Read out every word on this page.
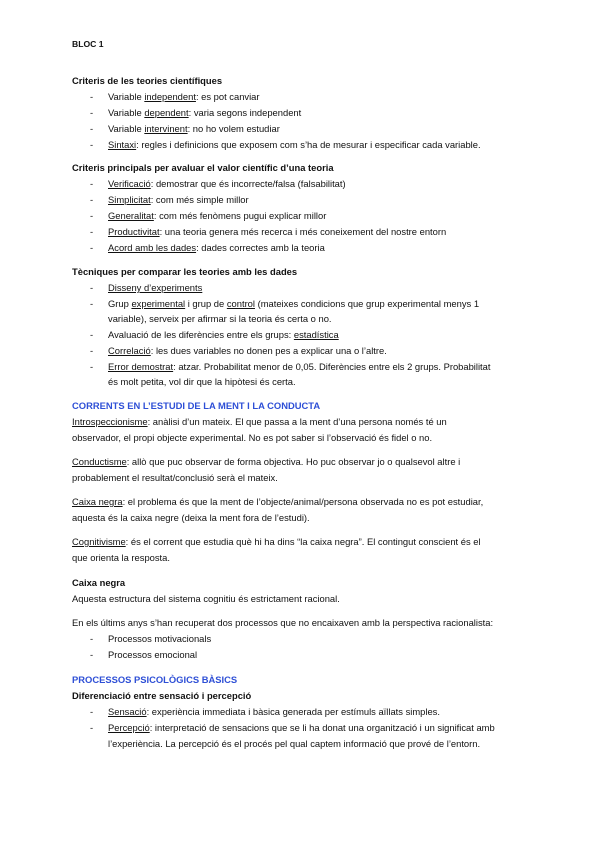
BLOC 1
Criteris de les teories científiques
- Variable independent: es pot canviar
- Variable dependent: varia segons independent
- Variable intervinent: no ho volem estudiar
- Sintaxi: regles i definicions que exposem com s’ha de mesurar i especificar cada variable.
Criteris principals per avaluar el valor científic d’una teoria
- Verificació: demostrar que és incorrecte/falsa (falsabilitat)
- Simplicitat: com més simple millor
- Generalitat: com més fenòmens pugui explicar millor
- Productivitat: una teoria genera més recerca i més coneixement del nostre entorn
- Acord amb les dades: dades correctes amb la teoria
Tècniques per comparar les teories amb les dades
- Disseny d’experiments
- Grup experimental i grup de control (mateixes condicions que grup experimental menys 1
variable), serveix per afirmar si la teoria és certa o no.
- Avaluació de les diferències entre els grups: estadística
- Correlació: les dues variables no donen pes a explicar una o l’altre.
- Error demostrat: atzar. Probabilitat menor de 0,05. Diferències entre els 2 grups. Probabilitat
és molt petita, vol dir que la hipòtesi és certa.
CORRENTS EN L’ESTUDI DE LA MENT I LA CONDUCTA
Introspeccionisme: anàlisi d’un mateix. El que passa a la ment d’una persona només té un
observador, el propi objecte experimental. No es pot saber si l’observació és fidel o no.
Conductisme: allò que puc observar de forma objectiva. Ho puc observar jo o qualsevol altre i
probablement el resultat/conclusió serà el mateix.
Caixa negra: el problema és que la ment de l’objecte/animal/persona observada no es pot estudiar,
aquesta és la caixa negre (deixa la ment fora de l’estudi).
Cognitivisme: és el corrent que estudia què hi ha dins “la caixa negra”. El contingut conscient és el
que orienta la resposta.
Caixa negra
Aquesta estructura del sistema cognitiu és estrictament racional.
En els últims anys s’han recuperat dos processos que no encaixaven amb la perspectiva racionalista:
- Processos motivacionals
- Processos emocional
PROCESSOS PSICOLÒGICS BÀSICS
Diferenciació entre sensació i percepció
- Sensació: experiència immediata i bàsica generada per estímuls aïllats simples.
- Percepció: interpretació de sensacions que se li ha donat una organització i un significat amb
l’experiència. La percepció és el procés pel qual captem informació que prové de l’entorn.
